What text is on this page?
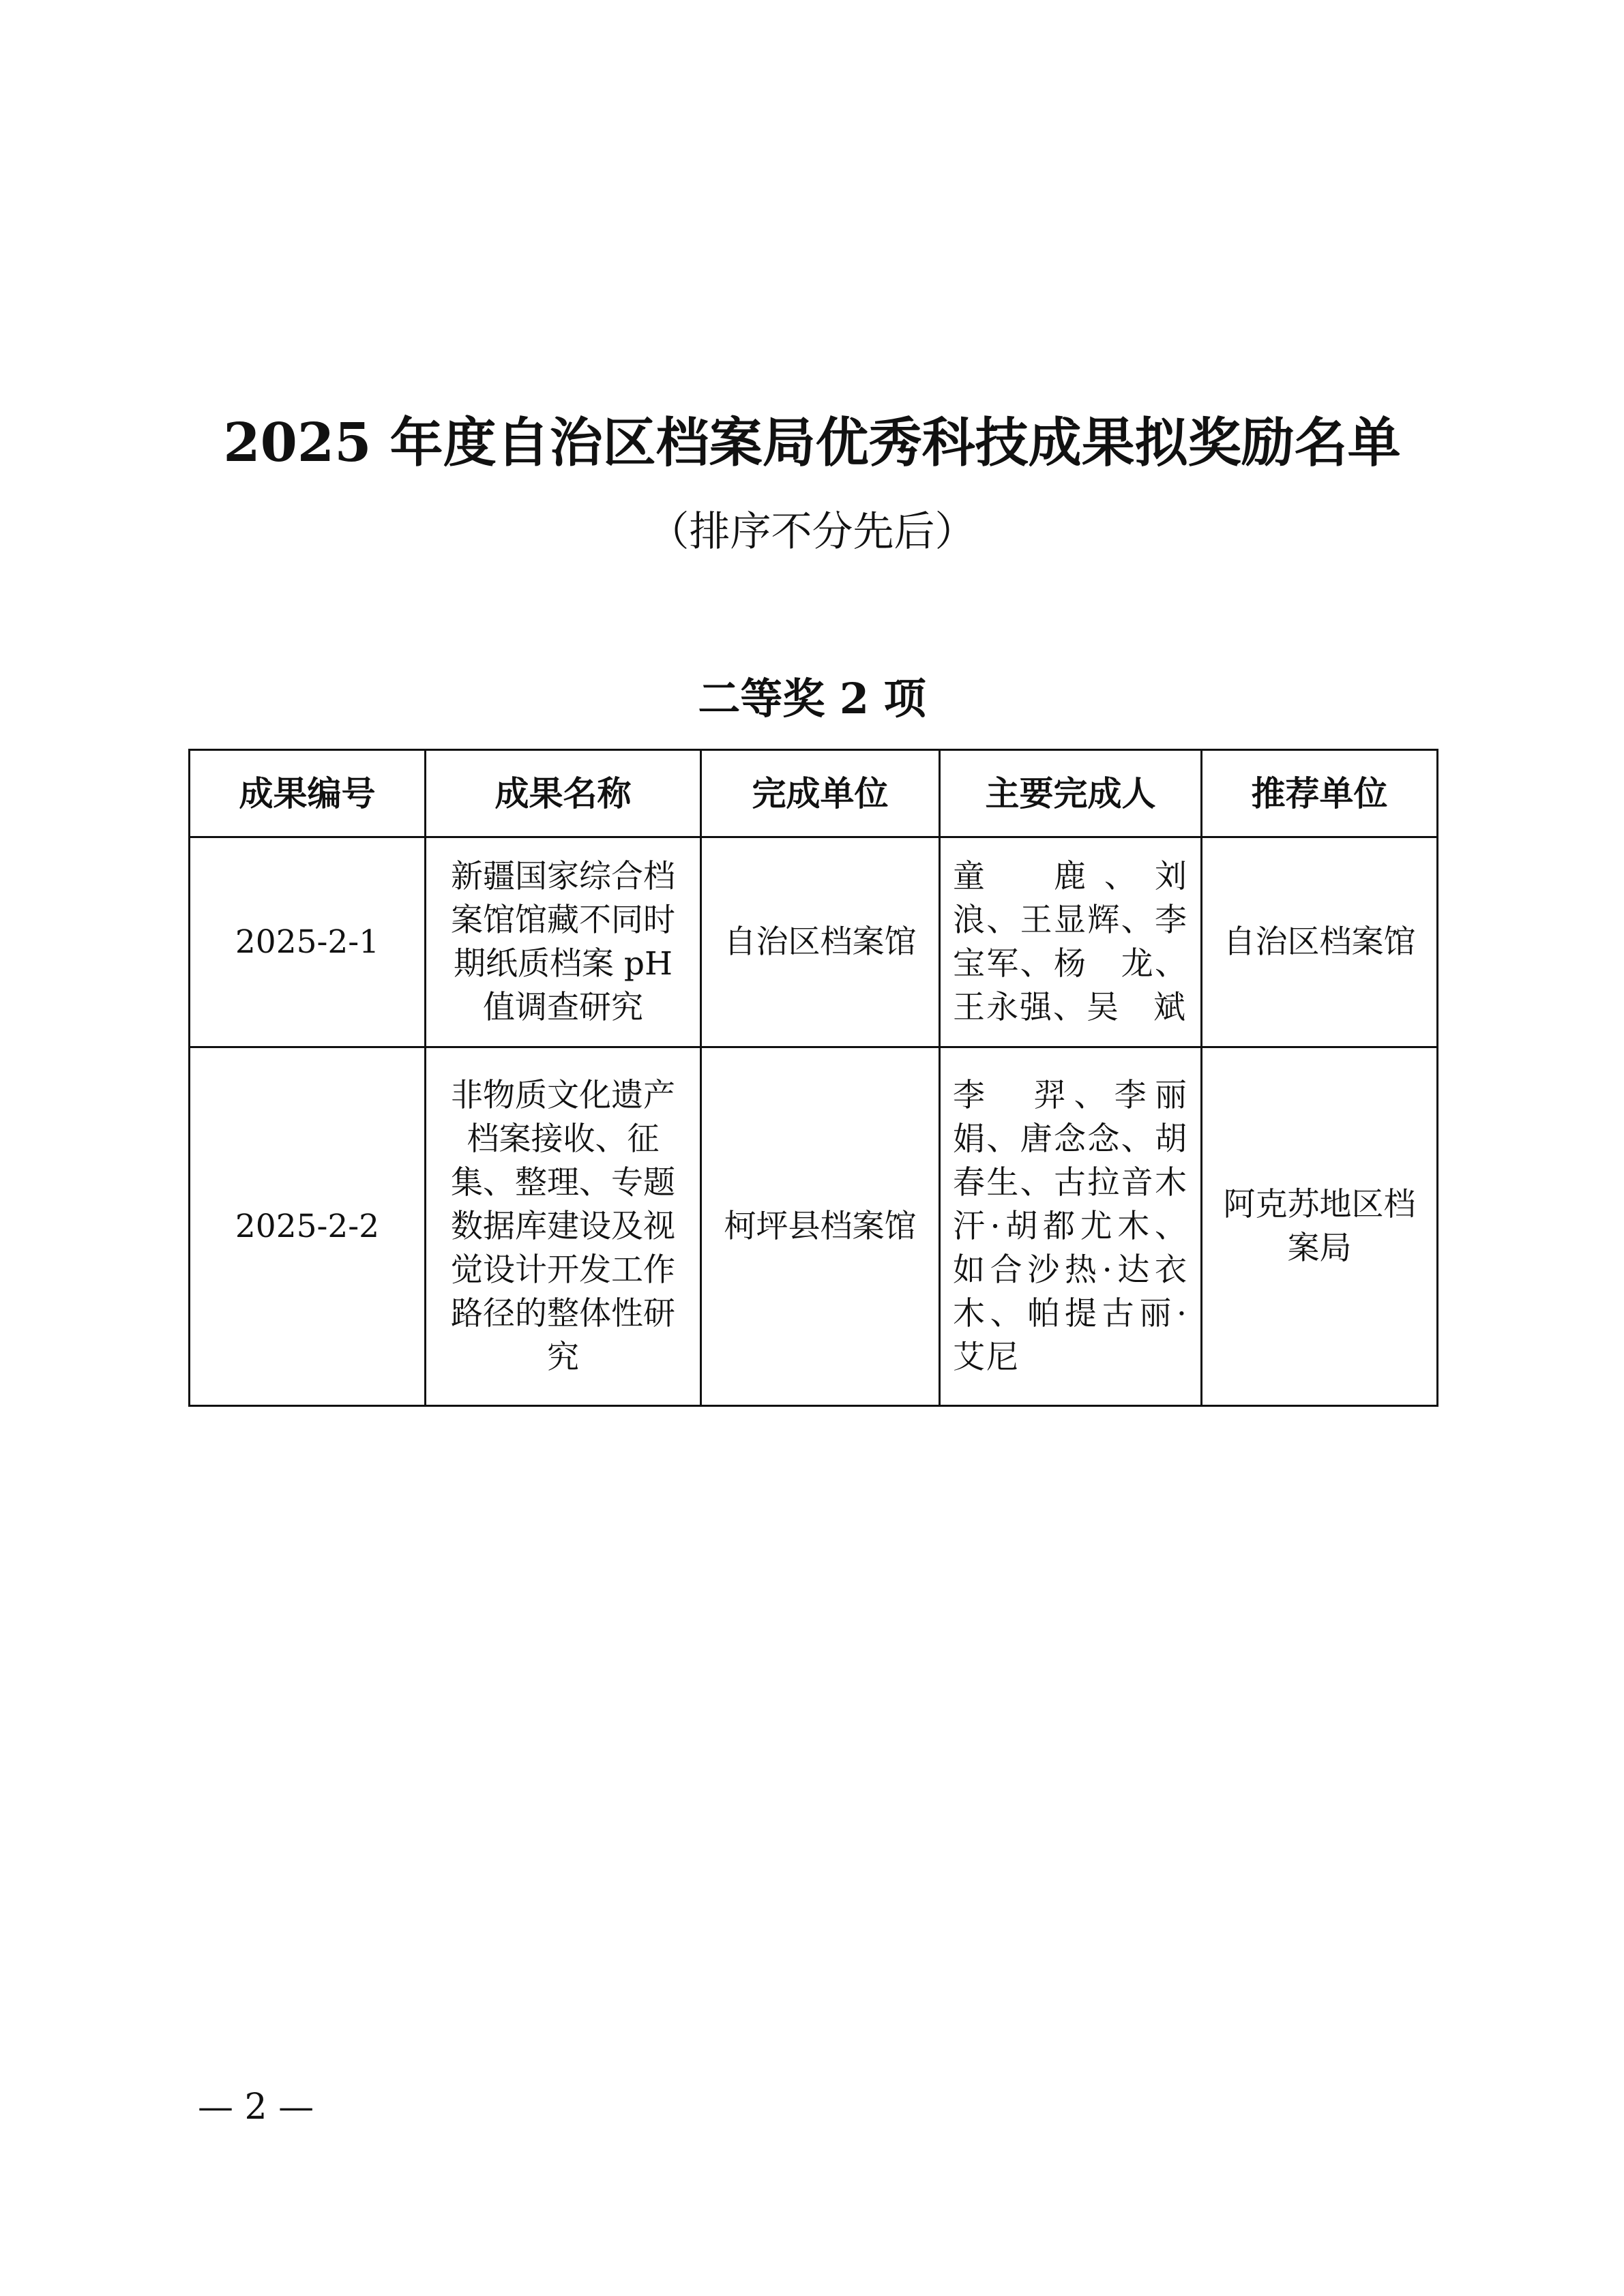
2025 年度自治区档案局优秀科技成果拟奖励名单
（排序不分先后）
二等奖 2 项
成果编号	成果名称	完成单位	主要完成人	推荐单位
2025-2-1	新疆国家综合档案馆馆藏不同时期纸质档案 pH 值调查研究	自治区档案馆	童　鹿、刘　浪、王显辉、李宝军、杨　龙、王永强、吴　斌	自治区档案馆
2025-2-2	非物质文化遗产档案接收、征集、整理、专题数据库建设及视觉设计开发工作路径的整体性研究	柯坪县档案馆	李　羿、李丽娟、唐念念、胡春生、古拉音木汗·胡都尤木、如合沙热·达衣木、帕提古丽·艾尼	阿克苏地区档案局
— 2 —
